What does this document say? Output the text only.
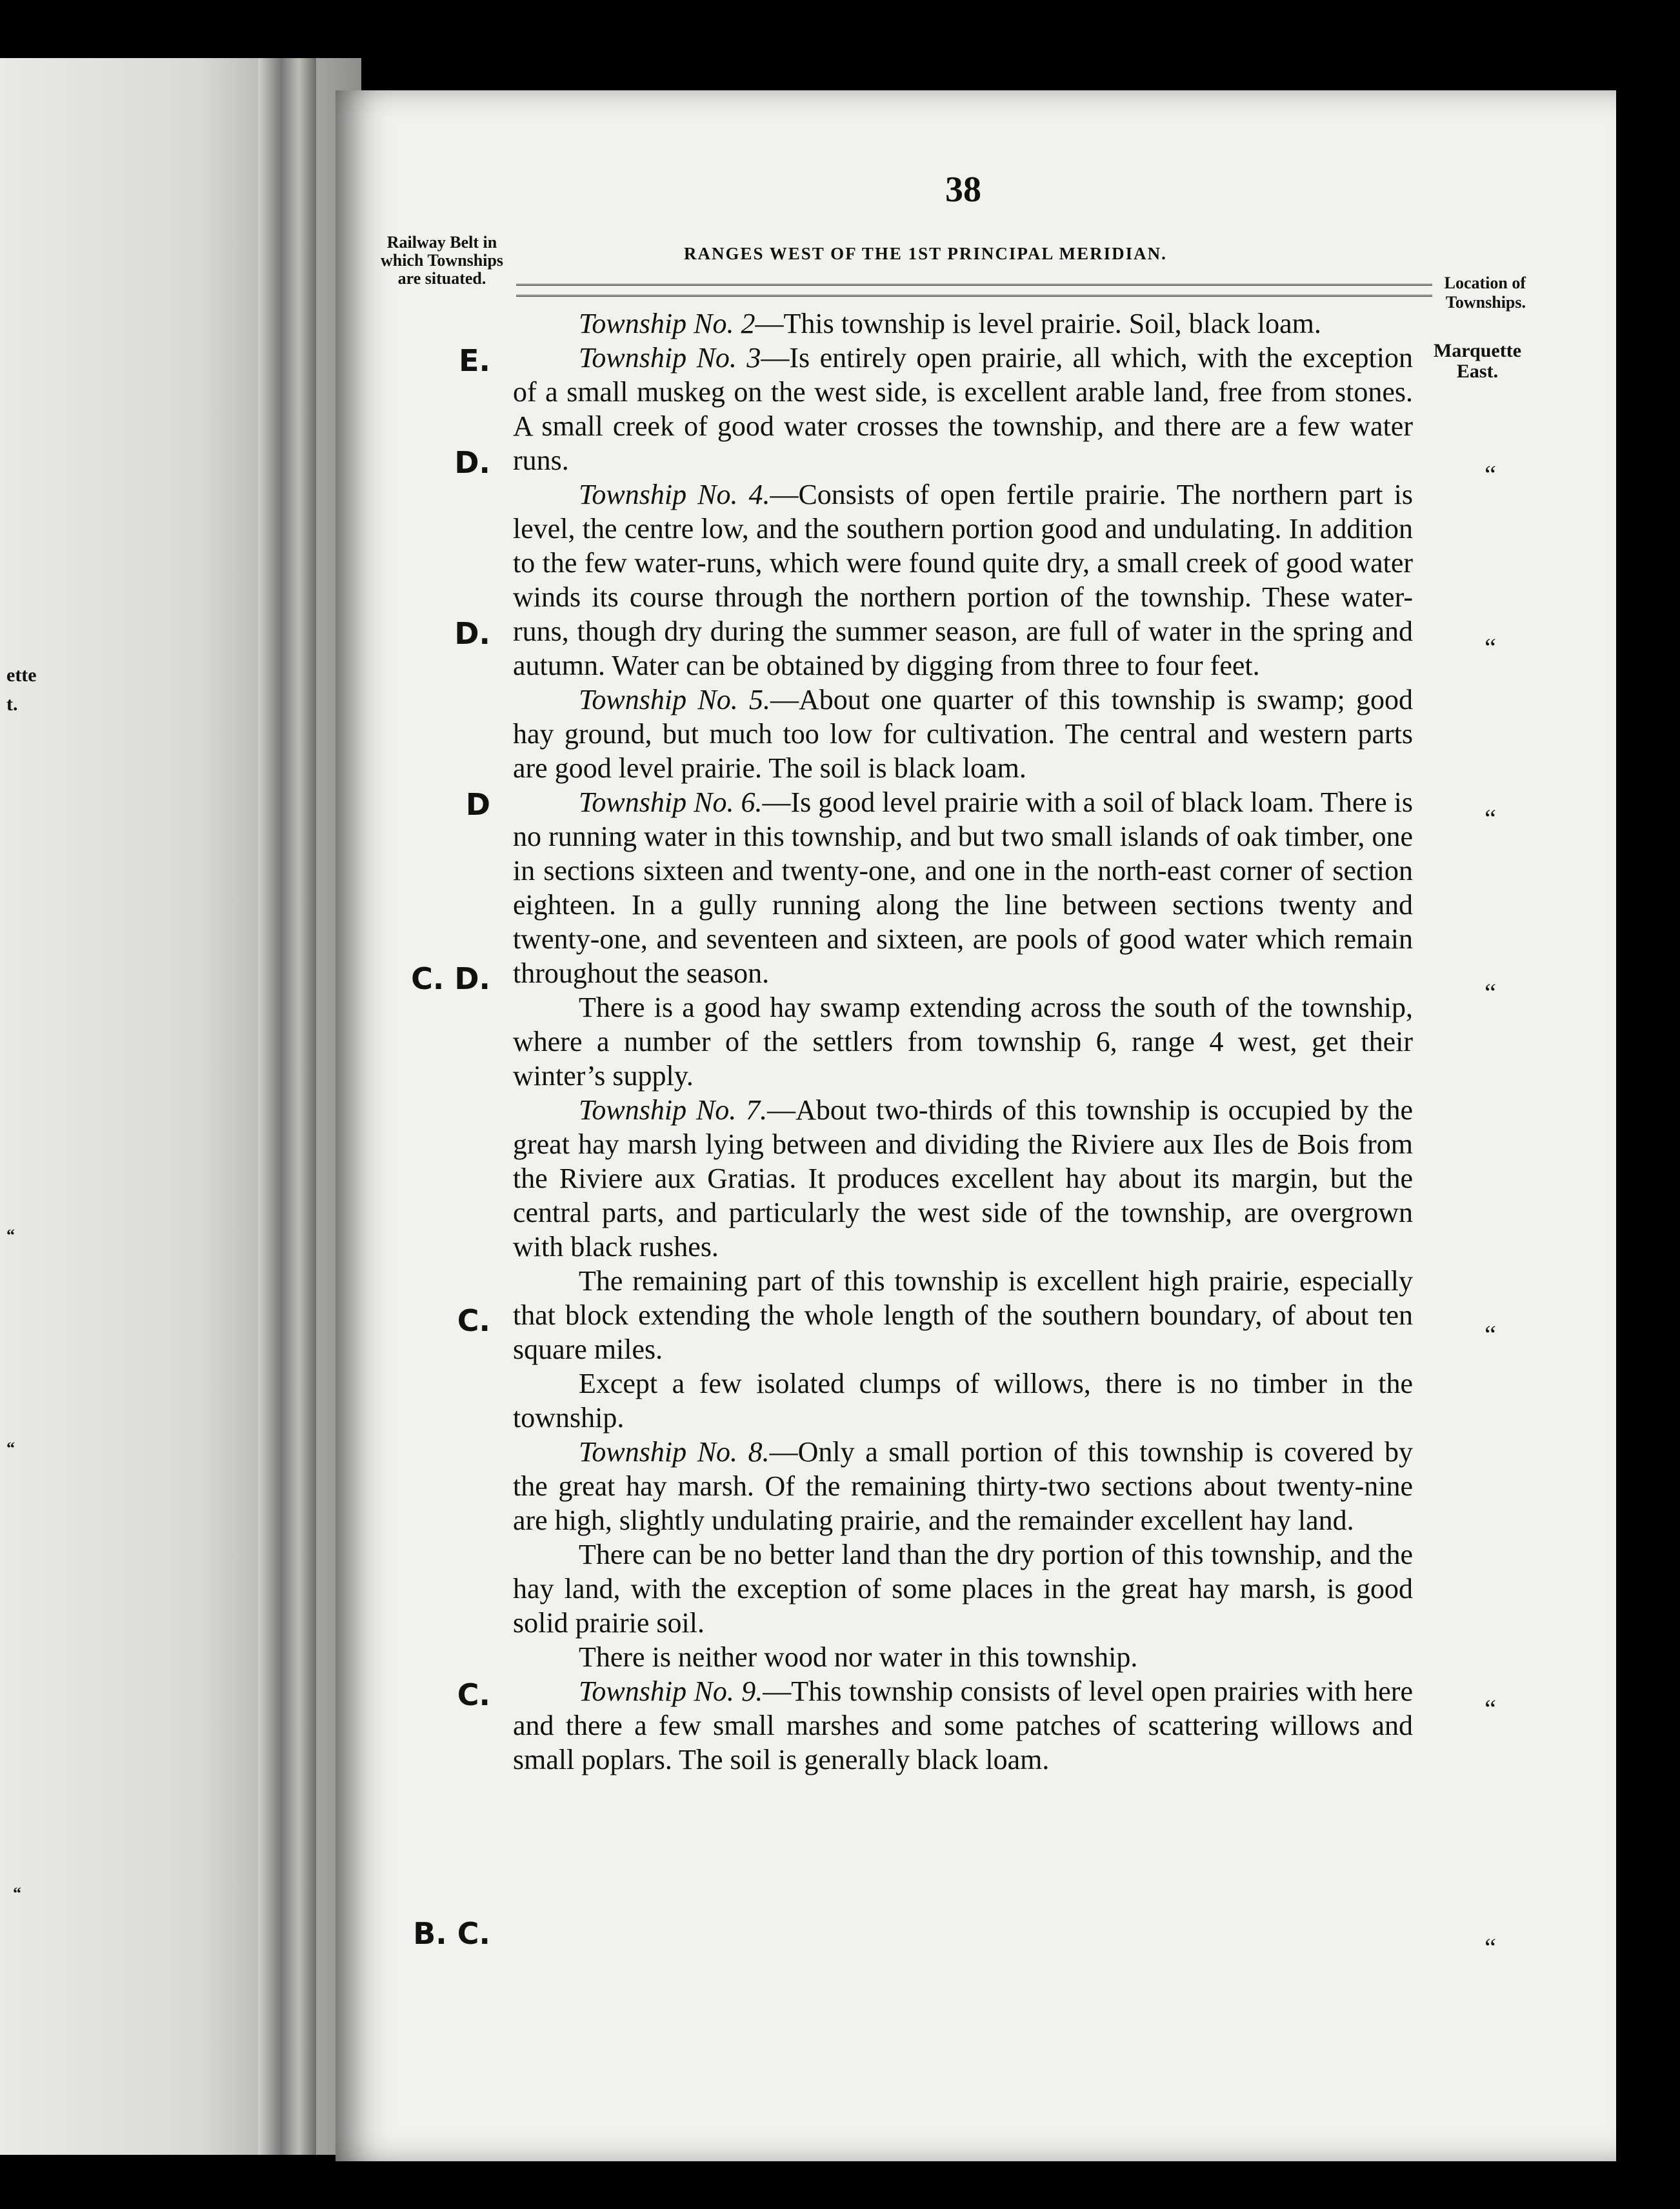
ette
t.
“
“
“
38
Railway Belt in which Townships are situated.
RANGES WEST OF THE 1ST PRINCIPAL MERIDIAN.
Location of Townships.
Marquette East.

Township No. 2—This township is level prairie. Soil, black loam.

Township No. 3—Is entirely open prairie, all which, with the exception of a small muskeg on the west side, is excellent arable land, free from stones. A small creek of good water crosses the township, and there are a few water runs.

Township No. 4.—Consists of open fertile prairie. The northern part is level, the centre low, and the southern portion good and undulating. In addition to the few water-runs, which were found quite dry, a small creek of good water winds its course through the northern portion of the township. These water-runs, though dry during the summer season, are full of water in the spring and autumn. Water can be obtained by digging from three to four feet.

Township No. 5.—About one quarter of this township is swamp; good hay ground, but much too low for cultivation. The central and western parts are good level prairie. The soil is black loam.

Township No. 6.—Is good level prairie with a soil of black loam. There is no running water in this township, and but two small islands of oak timber, one in sections sixteen and twenty-one, and one in the north-east corner of section eighteen. In a gully running along the line between sections twenty and twenty-one, and seventeen and sixteen, are pools of good water which remain throughout the season.

There is a good hay swamp extending across the south of the township, where a number of the settlers from township 6, range 4 west, get their winter’s supply.

Township No. 7.—About two-thirds of this township is occupied by the great hay marsh lying between and dividing the Riviere aux Iles de Bois from the Riviere aux Gratias. It produces excellent hay about its margin, but the central parts, and particularly the west side of the township, are overgrown with black rushes.

The remaining part of this township is excellent high prairie, especially that block extending the whole length of the southern boundary, of about ten square miles.

Except a few isolated clumps of willows, there is no timber in the township.

Township No. 8.—Only a small portion of this township is covered by the great hay marsh. Of the remaining thirty-two sections about twenty-nine are high, slightly undulating prairie, and the remainder excellent hay land.

There can be no better land than the dry portion of this township, and the hay land, with the exception of some places in the great hay marsh, is good solid prairie soil.

There is neither wood nor water in this township.

Township No. 9.—This township consists of level open prairies with here and there a few small marshes and some patches of scattering willows and small poplars. The soil is generally black loam.

E.
D.
D.
D
C. D.
C.
C.
B. C.
“
“
“
“
“
“
“
